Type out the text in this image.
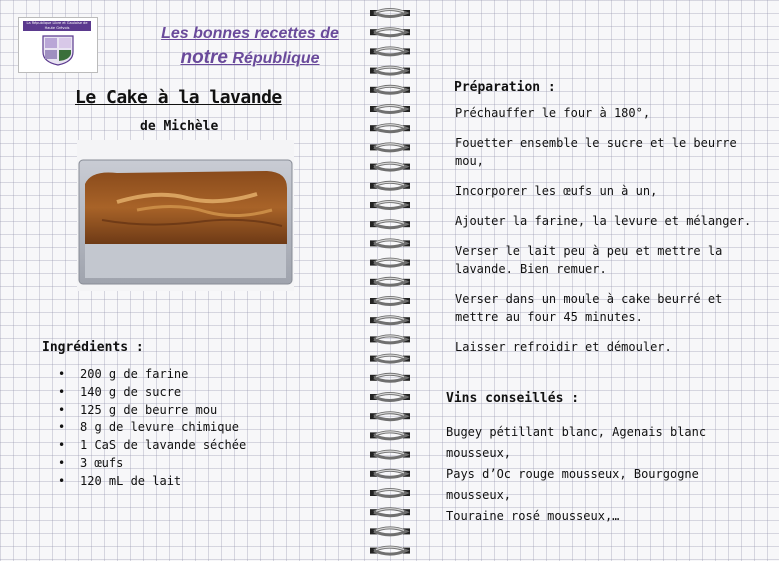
La République Libre et Gauloise de Haute Grèvois	Les bonnes recettes de
notre République
Le Cake à la lavande
de Michèle
Ingrédients :
• 200 g de farine
• 140 g de sucre
• 125 g de beurre mou
• 8 g de levure chimique
• 1 CaS de lavande séchée
• 3 œufs
• 120 mL de lait
Préparation :

Préchauffer le four à 180°,

Fouetter ensemble le sucre et le beurre mou,

Incorporer les œufs un à un,

Ajouter la farine, la levure et mélanger.

Verser le lait peu à peu et mettre la lavande. Bien remuer.

Verser dans un moule à cake beurré et mettre au four 45 minutes.

Laisser refroidir et démouler.

Vins conseillés :
Bugey pétillant blanc, Agenais blanc mousseux,
Pays d’Oc rouge mousseux, Bourgogne mousseux,
Touraine rosé mousseux,…
